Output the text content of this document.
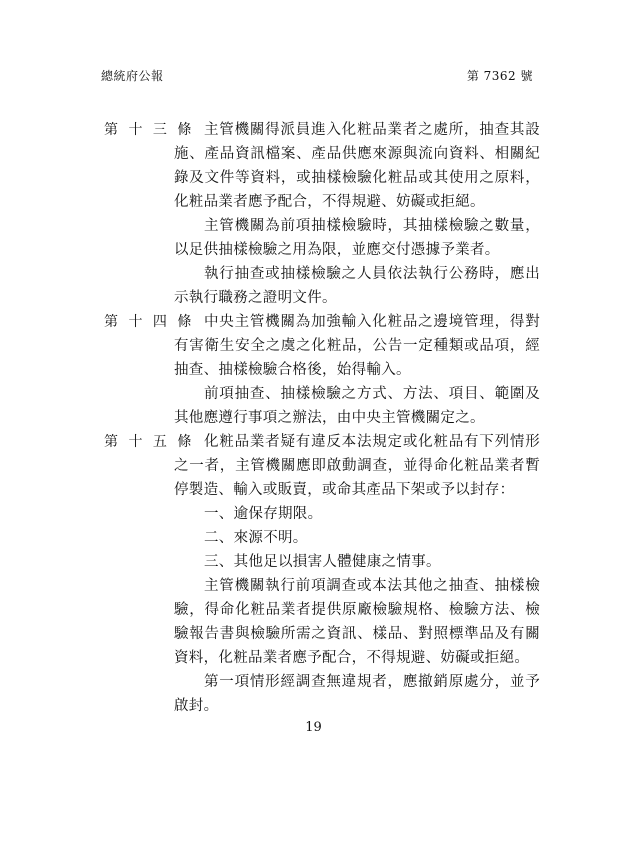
總統府公報	第 7362 號
第 十 三 條 主管機關得派員進入化粧品業者之處所，抽查其設施、產品資訊檔案、產品供應來源與流向資料、相關紀錄及文件等資料，或抽樣檢驗化粧品或其使用之原料，化粧品業者應予配合，不得規避、妨礙或拒絕。
主管機關為前項抽樣檢驗時，其抽樣檢驗之數量，以足供抽樣檢驗之用為限，並應交付憑據予業者。
執行抽查或抽樣檢驗之人員依法執行公務時，應出示執行職務之證明文件。
第 十 四 條 中央主管機關為加強輸入化粧品之邊境管理，得對有害衛生安全之虞之化粧品，公告一定種類或品項，經抽查、抽樣檢驗合格後，始得輸入。
前項抽查、抽樣檢驗之方式、方法、項目、範圍及其他應遵行事項之辦法，由中央主管機關定之。
第 十 五 條 化粧品業者疑有違反本法規定或化粧品有下列情形之一者，主管機關應即啟動調查，並得命化粧品業者暫停製造、輸入或販賣，或命其產品下架或予以封存：
一、逾保存期限。
二、來源不明。
三、其他足以損害人體健康之情事。
主管機關執行前項調查或本法其他之抽查、抽樣檢驗，得命化粧品業者提供原廠檢驗規格、檢驗方法、檢驗報告書與檢驗所需之資訊、樣品、對照標準品及有關資料，化粧品業者應予配合，不得規避、妨礙或拒絕。
第一項情形經調查無違規者，應撤銷原處分，並予啟封。
19
